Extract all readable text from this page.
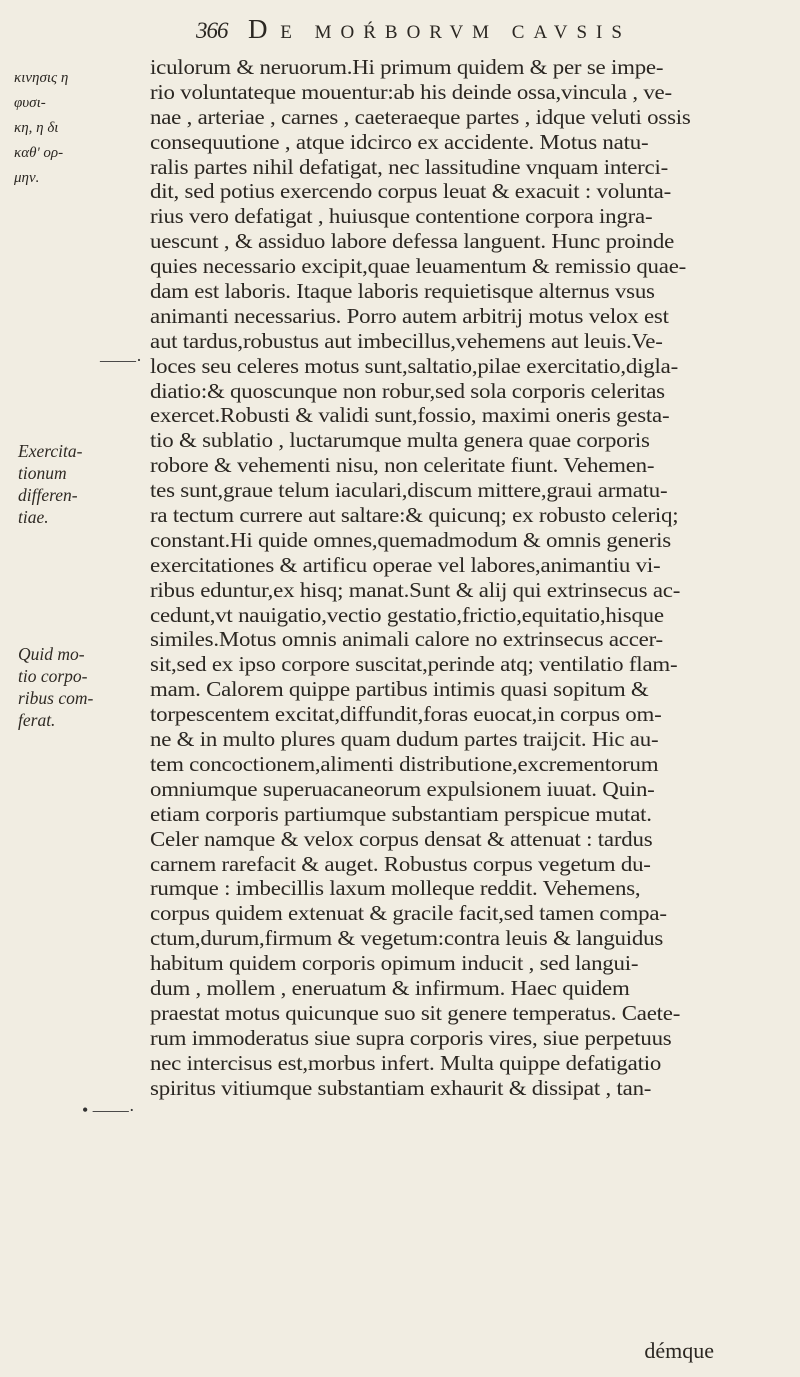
366 D E MOŔBORVM CAVSIS
κινησις η
φυσι-
κη, η δι
καθ' ορ-
μην.
Exercita-
tionum
differen-
tiae.
Quid mo-
tio corpo-
ribus com-
ferat.
——·
• ——·
iculorum & neruorum.Hi primum quidem & per se impe-
rio voluntateque mouentur:ab his deinde ossa,vincula , ve-
nae , arteriae , carnes , caeteraeque partes , idque veluti ossis
consequutione , atque idcirco ex accidente. Motus natu-
ralis partes nihil defatigat, nec lassitudine vnquam interci-
dit, sed potius exercendo corpus leuat & exacuit : volunta-
rius vero defatigat , huiusque contentione corpora ingra-
uescunt , & assiduo labore defessa languent. Hunc proinde
quies necessario excipit,quae leuamentum & remissio quae-
dam est laboris. Itaque laboris requietisque alternus vsus
animanti necessarius. Porro autem arbitrij motus velox est
aut tardus,robustus aut imbecillus,vehemens aut leuis.Ve-
loces seu celeres motus sunt,saltatio,pilae exercitatio,digla-
diatio:& quoscunque non robur,sed sola corporis celeritas
exercet.Robusti & validi sunt,fossio, maximi oneris gesta-
tio & sublatio , luctarumque multa genera quae corporis
robore & vehementi nisu, non celeritate fiunt. Vehemen-
tes sunt,graue telum iaculari,discum mittere,graui armatu-
ra tectum currere aut saltare:& quicunq; ex robusto celeriq;
constant.Hi quide omnes,quemadmodum & omnis generis
exercitationes & artificu operae vel labores,animantiu vi-
ribus eduntur,ex hisq; manat.Sunt & alij qui extrinsecus ac-
cedunt,vt nauigatio,vectio gestatio,frictio,equitatio,hisque
similes.Motus omnis animali calore no extrinsecus accer-
sit,sed ex ipso corpore suscitat,perinde atq; ventilatio flam-
mam. Calorem quippe partibus intimis quasi sopitum &
torpescentem excitat,diffundit,foras euocat,in corpus om-
ne & in multo plures quam dudum partes traijcit. Hic au-
tem concoctionem,alimenti distributione,excrementorum
omniumque superuacaneorum expulsionem iuuat. Quin-
etiam corporis partiumque substantiam perspicue mutat.
Celer namque & velox corpus densat & attenuat : tardus
carnem rarefacit & auget. Robustus corpus vegetum du-
rumque : imbecillis laxum molleque reddit. Vehemens,
corpus quidem extenuat & gracile facit,sed tamen compa-
ctum,durum,firmum & vegetum:contra leuis & languidus
habitum quidem corporis opimum inducit , sed langui-
dum , mollem , eneruatum & infirmum. Haec quidem
praestat motus quicunque suo sit genere temperatus. Caete-
rum immoderatus siue supra corporis vires, siue perpetuus
nec intercisus est,morbus infert. Multa quippe defatigatio
spiritus vitiumque substantiam exhaurit & dissipat , tan-
démque
